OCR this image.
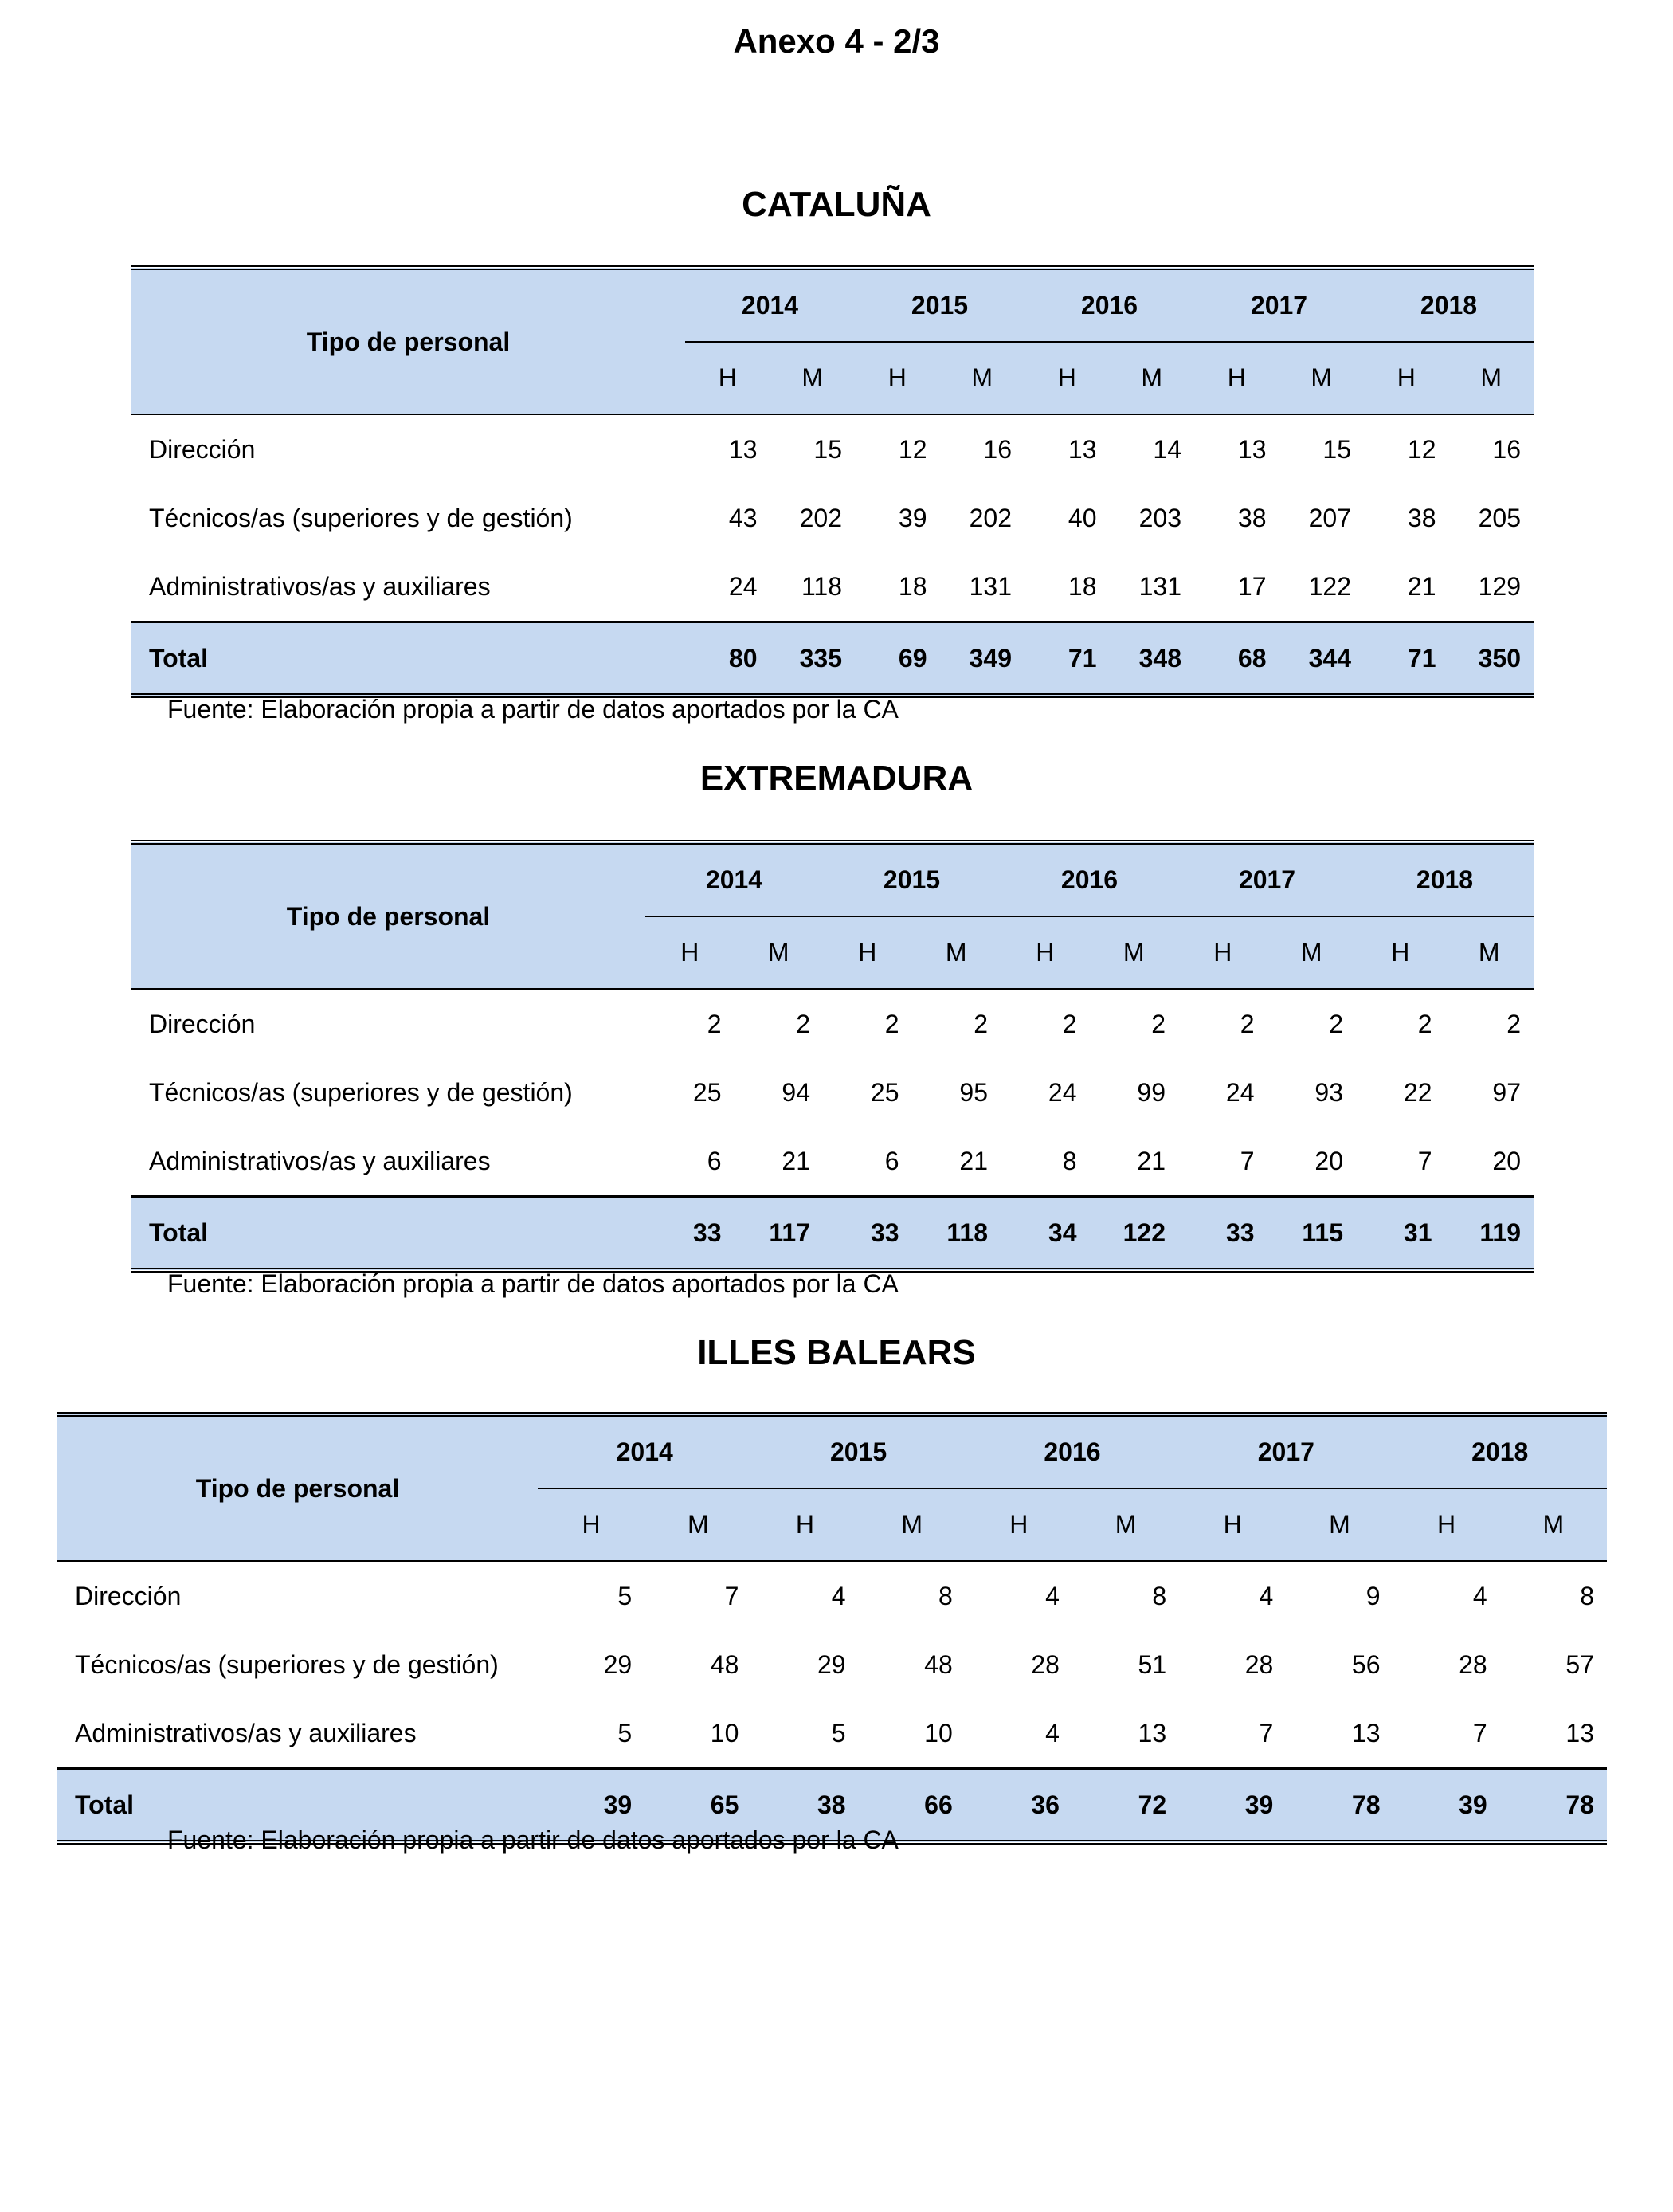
Anexo 4 - 2/3
CATALUÑA
Tipo de personal	2014		2015		2016		2017		2018	
	H	M	H	M	H	M	H	M	H	M
Dirección	13	15	12	16	13	14	13	15	12	16
Técnicos/as (superiores y de gestión)	43	202	39	202	40	203	38	207	38	205
Administrativos/as y auxiliares	24	118	18	131	18	131	17	122	21	129
Total	80	335	69	349	71	348	68	344	71	350
Fuente: Elaboración propia a partir de datos aportados por la CA
EXTREMADURA
Tipo de personal	2014		2015		2016		2017		2018	
	H	M	H	M	H	M	H	M	H	M
Dirección	2	2	2	2	2	2	2	2	2	2
Técnicos/as (superiores y de gestión)	25	94	25	95	24	99	24	93	22	97
Administrativos/as y auxiliares	6	21	6	21	8	21	7	20	7	20
Total	33	117	33	118	34	122	33	115	31	119
Fuente: Elaboración propia a partir de datos aportados por la CA
ILLES BALEARS
Tipo de personal	2014		2015		2016		2017		2018	
	H	M	H	M	H	M	H	M	H	M
Dirección	5	7	4	8	4	8	4	9	4	8
Técnicos/as (superiores y de gestión)	29	48	29	48	28	51	28	56	28	57
Administrativos/as y auxiliares	5	10	5	10	4	13	7	13	7	13
Total	39	65	38	66	36	72	39	78	39	78
Fuente: Elaboración propia a partir de datos aportados por la CA
